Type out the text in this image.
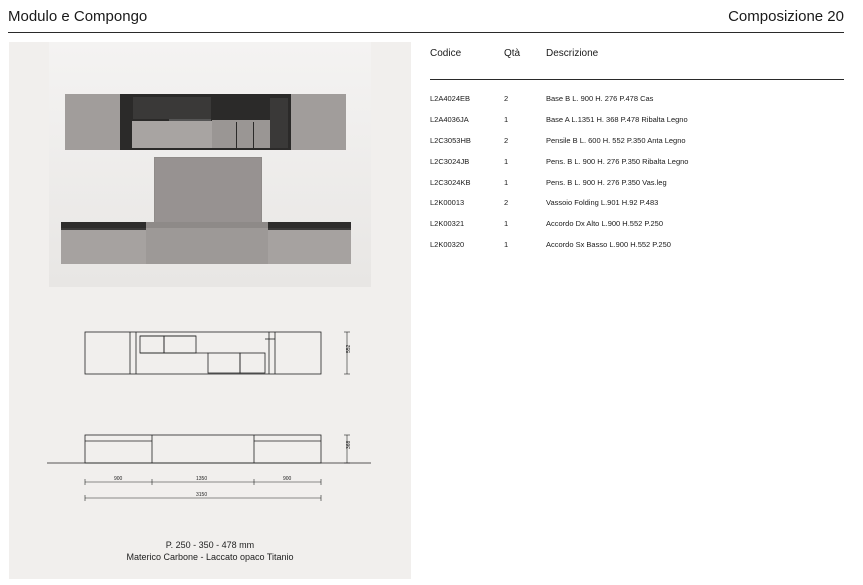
Modulo e Compongo	Composizione 20
552
368
900	1350	900
3150
P. 250 - 350 - 478 mm
Materico Carbone - Laccato opaco Titanio
Codice	Qtà	Descrizione
L2A4024EB	2	Base B L. 900 H. 276 P.478 Cas
L2A4036JA	1	Base A L.1351 H. 368 P.478 Ribalta Legno
L2C3053HB	2	Pensile B L. 600 H. 552 P.350 Anta Legno
L2C3024JB	1	Pens. B L. 900 H. 276 P.350 Ribalta Legno
L2C3024KB	1	Pens. B L. 900 H. 276 P.350 Vas.leg
L2K00013	2	Vassoio Folding L.901 H.92 P.483
L2K00321	1	Accordo Dx Alto L.900 H.552 P.250
L2K00320	1	Accordo Sx Basso L.900 H.552 P.250
